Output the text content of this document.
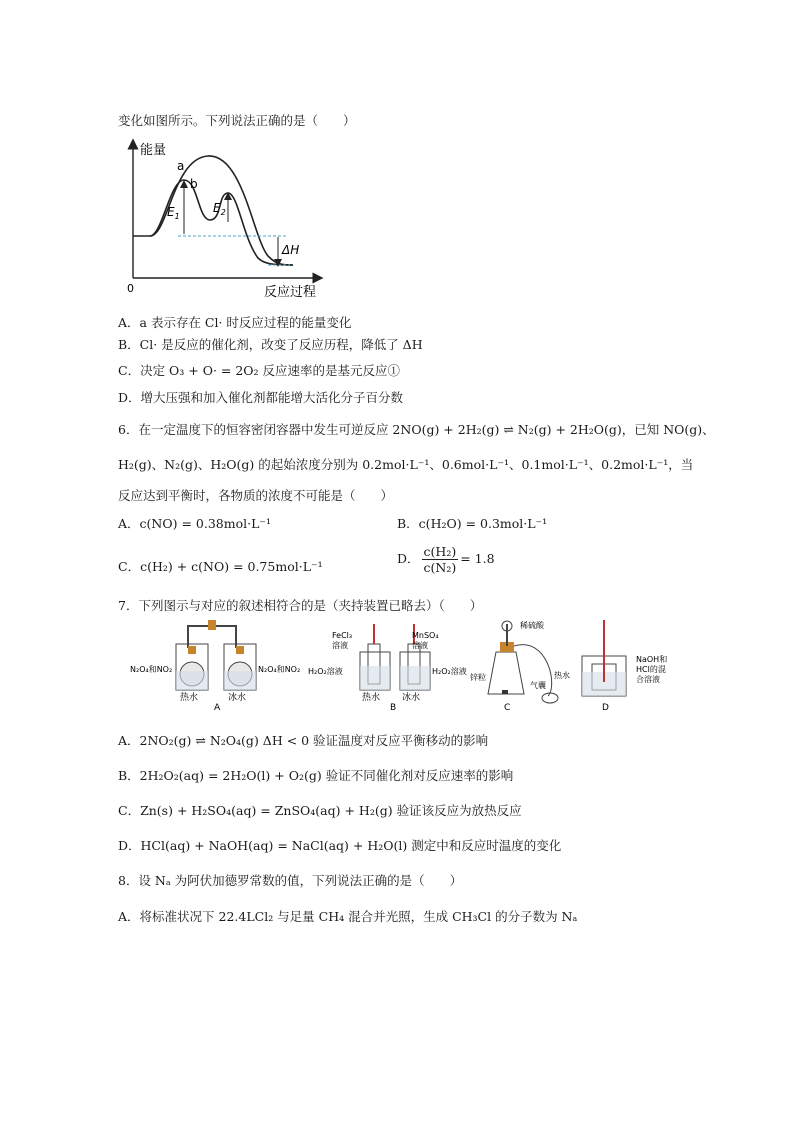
变化如图所示。下列说法正确的是（　　）
能量
反应过程
0
a
b
$E_1$
$E_2$
ΔH
A．a 表示存在 Cl· 时反应过程的能量变化
B．Cl· 是反应的催化剂，改变了反应历程，降低了 ΔH
C．决定 O₃ + O· = 2O₂ 反应速率的是基元反应①
D．增大压强和加入催化剂都能增大活化分子百分数
6．在一定温度下的恒容密闭容器中发生可逆反应 2NO(g) + 2H₂(g) ⇌ N₂(g) + 2H₂O(g)，已知 NO(g)、
H₂(g)、N₂(g)、H₂O(g) 的起始浓度分别为 0.2mol·L⁻¹、0.6mol·L⁻¹、0.1mol·L⁻¹、0.2mol·L⁻¹，当
反应达到平衡时，各物质的浓度不可能是（　　）
A．c(NO) = 0.38mol·L⁻¹	B．c(H₂O) = 0.3mol·L⁻¹
C．c(H₂) + c(NO) = 0.75mol·L⁻¹
D． $\frac{\text{c(H₂)}}{\text{c(N₂)}} = 1.8$
7．下列图示与对应的叙述相符合的是（夹持装置已略去）（　　）
N₂O₄和NO₂	N₂O₄和NO₂
热水	冰水
A
FeCl₃
溶液
MnSO₄
溶液
H₂O₂溶液	H₂O₂溶液
热水 冰水
B
稀硫酸
锌粒
气囊
C
热水
NaOH和
HCl的混
合溶液
D
A．2NO₂(g) ⇌ N₂O₄(g) ΔH < 0 验证温度对反应平衡移动的影响
B．2H₂O₂(aq) = 2H₂O(l) + O₂(g) 验证不同催化剂对反应速率的影响
C．Zn(s) + H₂SO₄(aq) = ZnSO₄(aq) + H₂(g) 验证该反应为放热反应
D．HCl(aq) + NaOH(aq) = NaCl(aq) + H₂O(l) 测定中和反应时温度的变化
8．设 Nₐ 为阿伏加德罗常数的值，下列说法正确的是（　　）
A．将标准状况下 22.4LCl₂ 与足量 CH₄ 混合并光照，生成 CH₃Cl 的分子数为 Nₐ
